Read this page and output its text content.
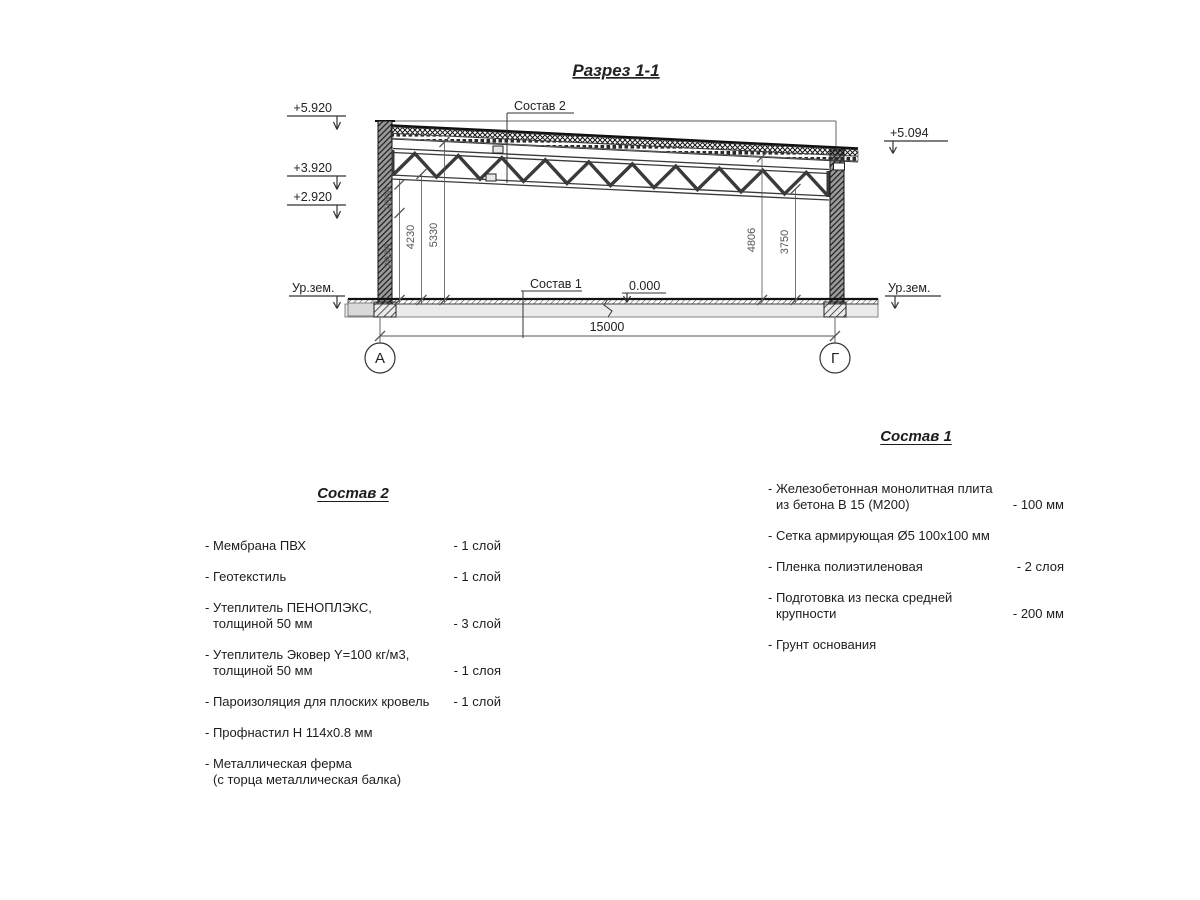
Разрез 1-1
+5.920
+3.920
+2.920
+5.094
Ур.зем.	Ур.зем.
Состав 2
Состав 1	0.000
1000
2920
4230 5330	4806 3750
15000
А	Г
Состав 2
- Мембрана ПВХ	- 1 слой
- Геотекстиль	- 1 слой
- Утеплитель ПЕНОПЛЭКС,
толщиной 50 мм	- 3 слой
- Утеплитель Эковер Y=100 кг/м3,
толщиной 50 мм	- 1 слоя
- Пароизоляция для плоских кровель	- 1 слой
- Профнастил Н 114х0.8 мм
- Металлическая ферма
(с торца металлическая балка)
Состав 1
- Железобетонная монолитная плита
из бетона В 15 (М200)	- 100 мм
- Сетка армирующая Ø5 100х100 мм
- Пленка полиэтиленовая	- 2 слоя
- Подготовка из песка средней
крупности	- 200 мм
- Грунт основания
